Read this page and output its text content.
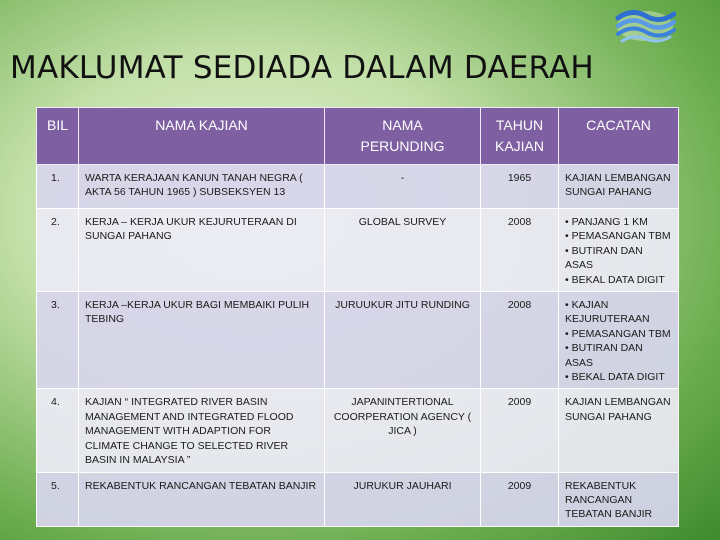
MAKLUMAT SEDIADA DALAM DAERAH
BIL	NAMA KAJIAN	NAMA PERUNDING	TAHUN KAJIAN	CACATAN
1.	WARTA KERAJAAN KANUN TANAH NEGRA ( AKTA 56 TAHUN 1965 ) SUBSEKSYEN 13	-	1965	KAJIAN LEMBANGAN SUNGAI PAHANG

2.	KERJA – KERJA UKUR KEJURUTERAAN DI SUNGAI PAHANG	GLOBAL SURVEY	2008	• PANJANG 1 KM
• PEMASANGAN TBM
• BUTIRAN DAN ASAS
• BEKAL DATA DIGIT

3.	KERJA –KERJA UKUR BAGI MEMBAIKI PULIH TEBING	JURUUKUR JITU RUNDING	2008	• KAJIAN KEJURUTERAAN
• PEMASANGAN TBM
• BUTIRAN DAN ASAS
• BEKAL DATA DIGIT

4.	KAJIAN “ INTEGRATED RIVER BASIN MANAGEMENT AND INTEGRATED FLOOD MANAGEMENT WITH ADAPTION FOR CLIMATE CHANGE TO SELECTED RIVER BASIN IN MALAYSIA ”	JAPANINTERTIONAL COORPERATION AGENCY ( JICA )	2009	KAJIAN LEMBANGAN SUNGAI PAHANG

5.	REKABENTUK RANCANGAN TEBATAN BANJIR	JURUKUR JAUHARI	2009	REKABENTUK RANCANGAN TEBATAN BANJIR
